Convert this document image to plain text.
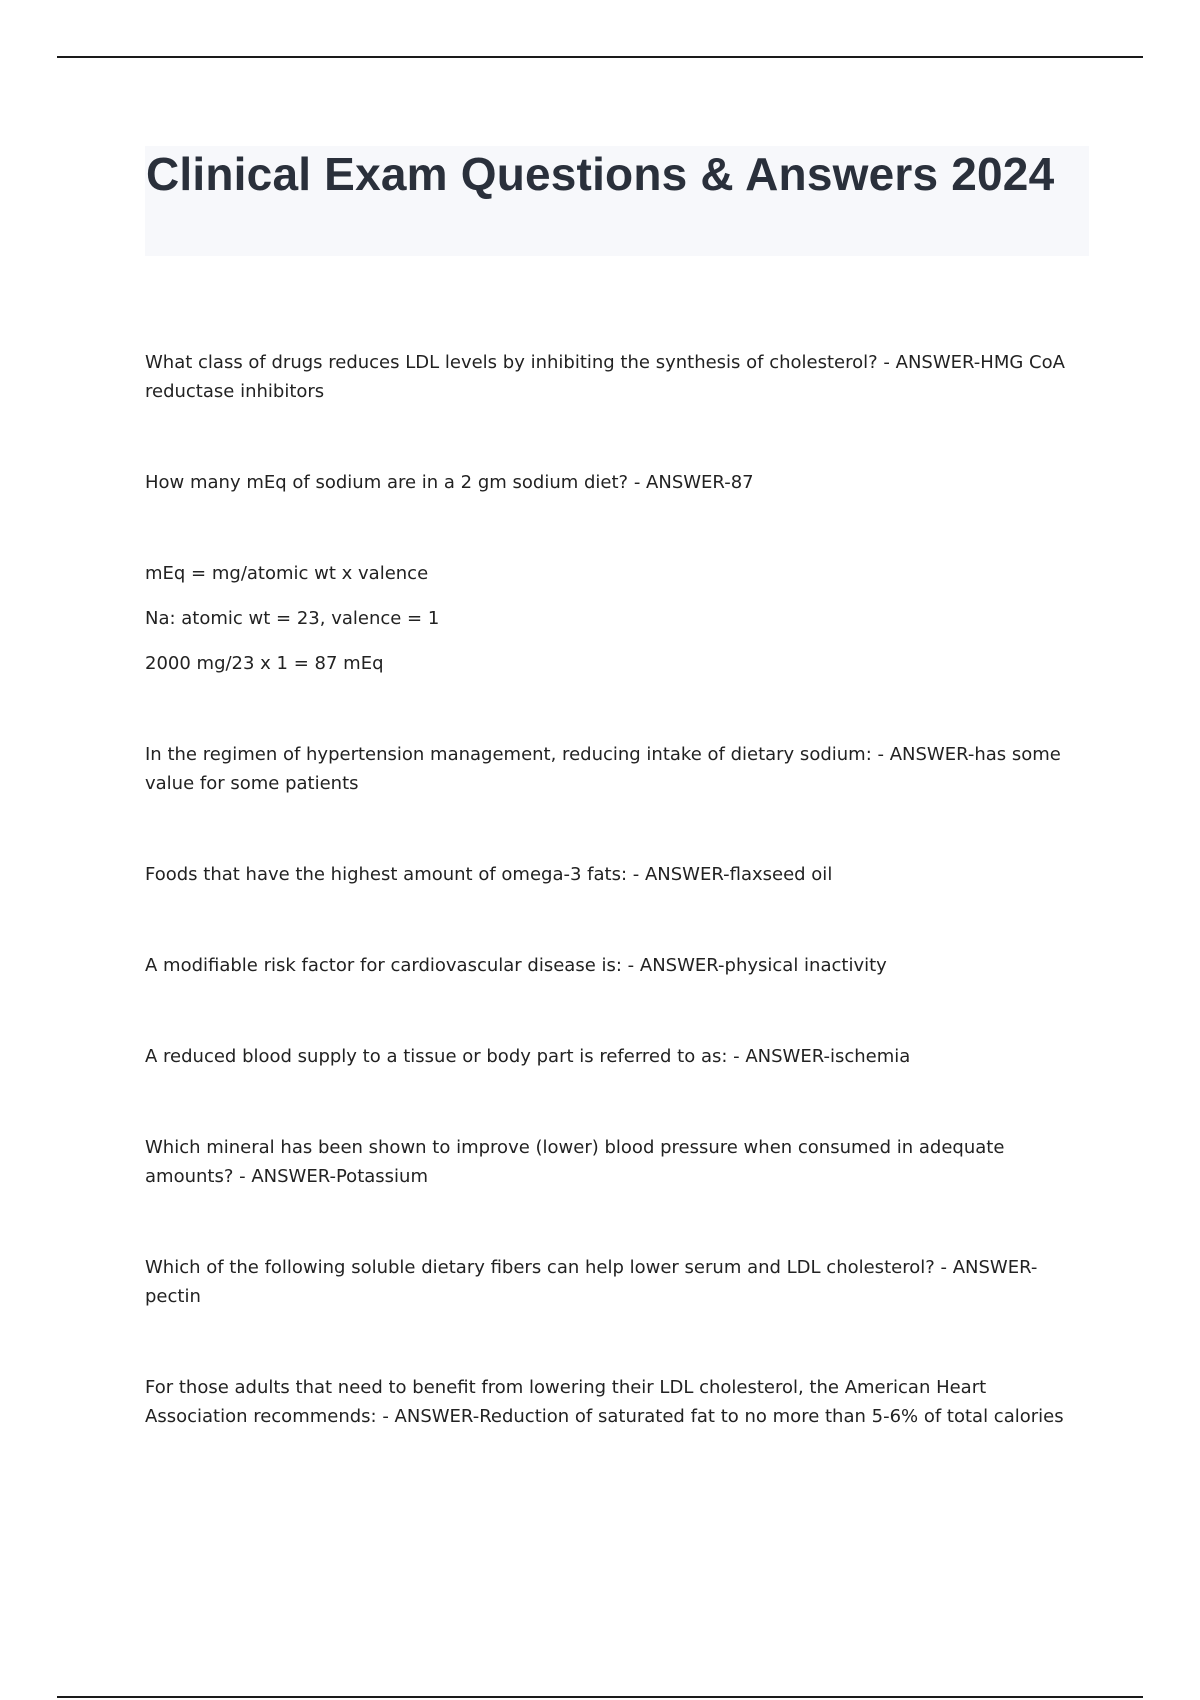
Clinical Exam Questions & Answers 2024

What class of drugs reduces LDL levels by inhibiting the synthesis of cholesterol? - ANSWER-HMG CoA reductase inhibitors

How many mEq of sodium are in a 2 gm sodium diet? - ANSWER-87

mEq = mg/atomic wt x valence

Na: atomic wt = 23, valence = 1

2000 mg/23 x 1 = 87 mEq

In the regimen of hypertension management, reducing intake of dietary sodium: - ANSWER-has some value for some patients

Foods that have the highest amount of omega-3 fats: - ANSWER-flaxseed oil

A modifiable risk factor for cardiovascular disease is: - ANSWER-physical inactivity

A reduced blood supply to a tissue or body part is referred to as: - ANSWER-ischemia

Which mineral has been shown to improve (lower) blood pressure when consumed in adequate amounts? - ANSWER-Potassium

Which of the following soluble dietary fibers can help lower serum and LDL cholesterol? - ANSWER-pectin

For those adults that need to benefit from lowering their LDL cholesterol, the American Heart Association recommends: - ANSWER-Reduction of saturated fat to no more than 5-6% of total calories
